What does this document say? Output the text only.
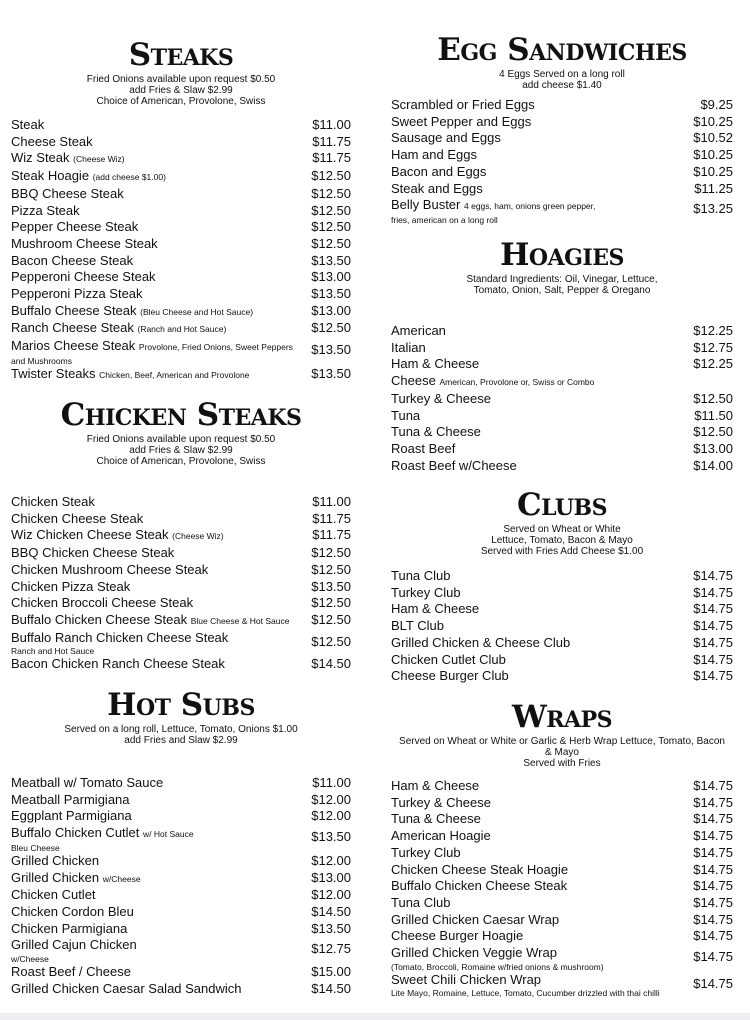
Steaks
Fried Onions available upon request $0.50
add Fries & Slaw $2.99
Choice of American, Provolone, Swiss
Steak	$11.00
Cheese Steak	$11.75
Wiz Steak (Cheese Wiz)	$11.75
Steak Hoagie (add cheese $1.00)	$12.50
BBQ Cheese Steak	$12.50
Pizza Steak	$12.50
Pepper Cheese Steak	$12.50
Mushroom Cheese Steak	$12.50
Bacon Cheese Steak	$13.50
Pepperoni Cheese Steak	$13.00
Pepperoni Pizza Steak	$13.50
Buffalo Cheese Steak (Bleu Cheese and Hot Sauce)	$13.00
Ranch Cheese Steak (Ranch and Hot Sauce)	$12.50
Marios Cheese Steak Provolone, Fried Onions, Sweet Peppers $13.50
and Mushrooms
Twister Steaks Chicken, Beef, American and Provolone	$13.50
Chicken Steaks
Fried Onions available upon request $0.50
add Fries & Slaw $2.99
Choice of American, Provolone, Swiss
Chicken Steak	$11.00
Chicken Cheese Steak	$11.75
Wiz Chicken Cheese Steak (Cheese Wiz)	$11.75
BBQ Chicken Cheese Steak	$12.50
Chicken Mushroom Cheese Steak	$12.50
Chicken Pizza Steak	$13.50
Chicken Broccoli Cheese Steak	$12.50
Buffalo Chicken Cheese Steak Blue Cheese & Hot Sauce $12.50
Buffalo Ranch Chicken Cheese Steak	$12.50
Ranch and Hot Sauce
Bacon Chicken Ranch Cheese Steak	$14.50
Hot Subs
Served on a long roll, Lettuce, Tomato, Onions $1.00
add Fries and Slaw $2.99
Meatball w/ Tomato Sauce	$11.00
Meatball Parmigiana	$12.00
Eggplant Parmigiana	$12.00
Buffalo Chicken Cutlet w/ Hot Sauce	$13.50
Bleu Cheese
Grilled Chicken	$12.00
Grilled Chicken w/Cheese	$13.00
Chicken Cutlet	$12.00
Chicken Cordon Bleu	$14.50
Chicken Parmigiana	$13.50
Grilled Cajun Chicken	$12.75
w/Cheese
Roast Beef / Cheese	$15.00
Grilled Chicken Caesar Salad Sandwich	$14.50
Egg Sandwiches
4 Eggs Served on a long roll
add cheese $1.40
Scrambled or Fried Eggs	$9.25
Sweet Pepper and Eggs	$10.25
Sausage and Eggs	$10.52
Ham and Eggs	$10.25
Bacon and Eggs	$10.25
Steak and Eggs	$11.25
Belly Buster 4 eggs, ham, onions green pepper,	$13.25
fries, american on a long roll
Hoagies
Standard Ingredients: Oil, Vinegar, Lettuce,
Tomato, Onion, Salt, Pepper & Oregano
American	$12.25
Italian	$12.75
Ham & Cheese	$12.25
Cheese American, Provolone or, Swiss or Combo
Turkey & Cheese	$12.50
Tuna	$11.50
Tuna & Cheese	$12.50
Roast Beef	$13.00
Roast Beef w/Cheese	$14.00
Clubs
Served on Wheat or White
Lettuce, Tomato, Bacon & Mayo
Served with Fries Add Cheese $1.00
Tuna Club	$14.75
Turkey Club	$14.75
Ham & Cheese	$14.75
BLT Club	$14.75
Grilled Chicken & Cheese Club	$14.75
Chicken Cutlet Club	$14.75
Cheese Burger Club	$14.75
Wraps
Served on Wheat or White or Garlic & Herb Wrap Lettuce, Tomato, Bacon
& Mayo
Served with Fries
Ham & Cheese	$14.75
Turkey & Cheese	$14.75
Tuna & Cheese	$14.75
American Hoagie	$14.75
Turkey Club	$14.75
Chicken Cheese Steak Hoagie	$14.75
Buffalo Chicken Cheese Steak	$14.75
Tuna Club	$14.75
Grilled Chicken Caesar Wrap	$14.75
Cheese Burger Hoagie	$14.75
Grilled Chicken Veggie Wrap	$14.75
(Tomato, Broccoli, Romaine w/fried onions & mushroom)
Sweet Chili Chicken Wrap	$14.75
Lite Mayo, Romaine, Lettuce, Tomato, Cucumber drizzled with thai chilli
